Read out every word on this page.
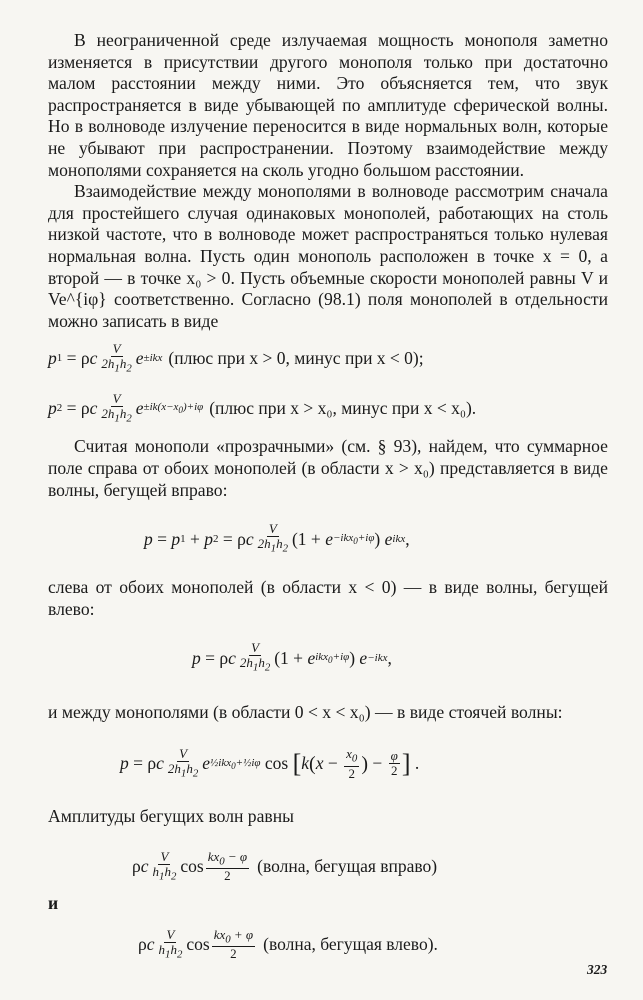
В неограниченной среде излучаемая мощность монополя заметно изменяется в присутствии другого монополя только при достаточно малом расстоянии между ними. Это объясняется тем, что звук распространяется в виде убывающей по амплитуде сферической волны. Но в волноводе излучение переносится в виде нормальных волн, которые не убывают при распространении. Поэтому взаимодействие между монополями сохраняется на сколь угодно большом расстоянии.

Взаимодействие между монополями в волноводе рассмотрим сначала для простейшего случая одинаковых монополей, работающих на столь низкой частоте, что в волноводе может распространяться только нулевая нормальная волна. Пусть один монополь расположен в точке x = 0, а второй — в точке x₀ > 0. Пусть объемные скорости монополей равны V и Ve^{iφ} соответственно. Согласно (98.1) поля монополей в отдельности можно записать в виде

p 1 = ρ c $\frac{V}{2h_1h_2}$ e ±ikx (плюс при x > 0, минус при x < 0);
p 2 = ρ c $\frac{V}{2h_1h_2}$ $e \pm ik(x-x_0)+i\varphi$ (плюс при x > x₀, минус при x < x₀).

Считая монополи «прозрачными» (см. § 93), найдем, что суммарное поле справа от обоих монополей (в области x > x₀) представляется в виде волны, бегущей вправо:

p = p 1 + p 2 = ρ c $\frac{V}{2h_1h_2} (1 + e -ikx_0+i\varphi$ ) e ikx ,

слева от обоих монополей (в области x < 0) — в виде волны, бегущей влево:

p = ρ c $\frac{V}{2h_1h_2} (1 + e$ ikx$_0$+iφ ) e −ikx ,

и между монополями (в области 0 < x < x₀) — в виде стоячей волны:

p = ρ c $\frac{V}{2h_1h_2}$ e ½ikx$_0$+½iφ cos [ k ( $x - \frac{x_0}{2}$ ) − $\frac{\varphi}{2}$ ] .

Амплитуды бегущих волн равны

ρ c $\frac{V}{h_1h_2}$ $\cos \frac{kx_0 - \varphi}{2}$ (волна, бегущая вправо)
и
ρ c $\frac{V}{h_1h_2}$ $\cos \frac{kx_0 + \varphi}{2}$ (волна, бегущая влево).
323
